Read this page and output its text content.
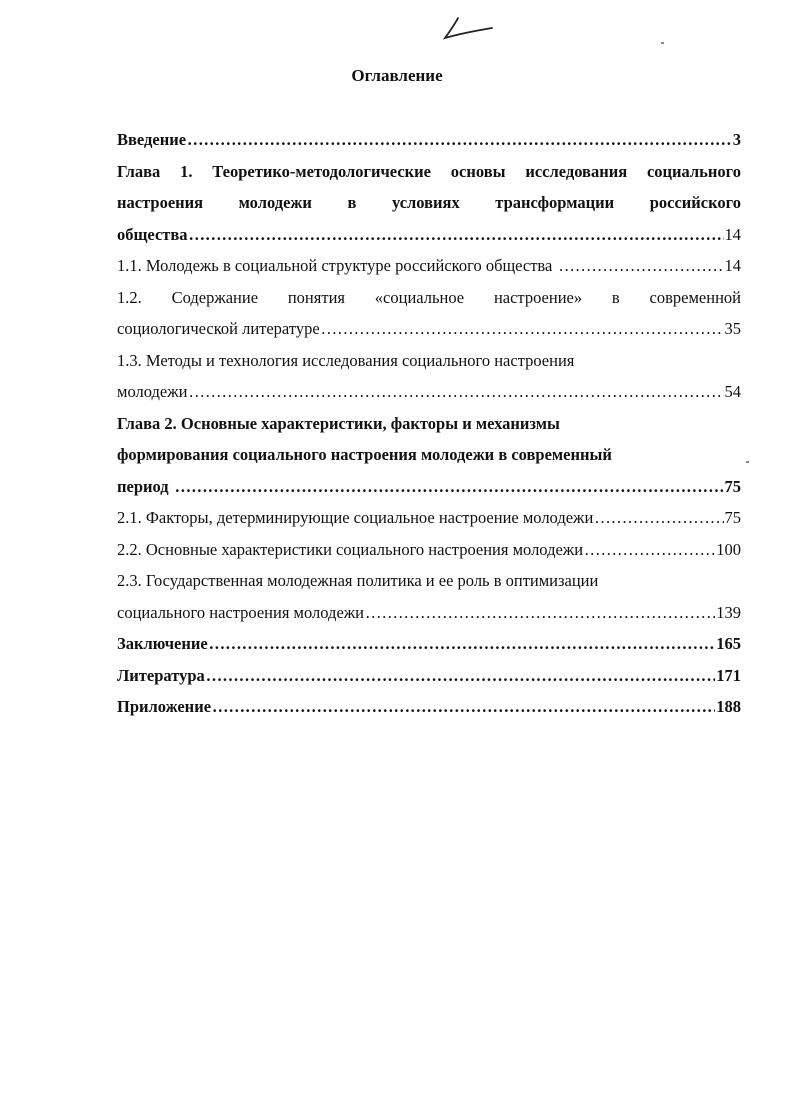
Оглавление
Введение ……………………………………………………………………………………………………………………………………………………	3
Глава 1. Теоретико-методологические основы исследования социального
настроения молодежи в условиях трансформации российского
общества ……………………………………………………………………………………………………………………………………………………	14
1.1. Молодежь в социальной структуре российского общества ……………………………………………………………………………………………………………………………………………………	14
1.2. Содержание понятия «социальное настроение» в современной
социологической литературе ……………………………………………………………………………………………………………………………………………………	35
1.3. Методы и технология исследования социального настроения
молодежи ……………………………………………………………………………………………………………………………………………………	54
Глава 2. Основные характеристики, факторы и механизмы
формирования социального настроения молодежи в современный
период ……………………………………………………………………………………………………………………………………………………	75
2.1. Факторы, детерминирующие социальное настроение молодежи ……………………………………………………………………………………………………………………………………………………	75
2.2. Основные характеристики социального настроения молодежи ……………………………………………………………………………………………………………………………………………………	100
2.3. Государственная молодежная политика и ее роль в оптимизации
социального настроения молодежи ……………………………………………………………………………………………………………………………………………………	139
Заключение ……………………………………………………………………………………………………………………………………………………	165
Литература ……………………………………………………………………………………………………………………………………………………	171
Приложение ……………………………………………………………………………………………………………………………………………………	188
